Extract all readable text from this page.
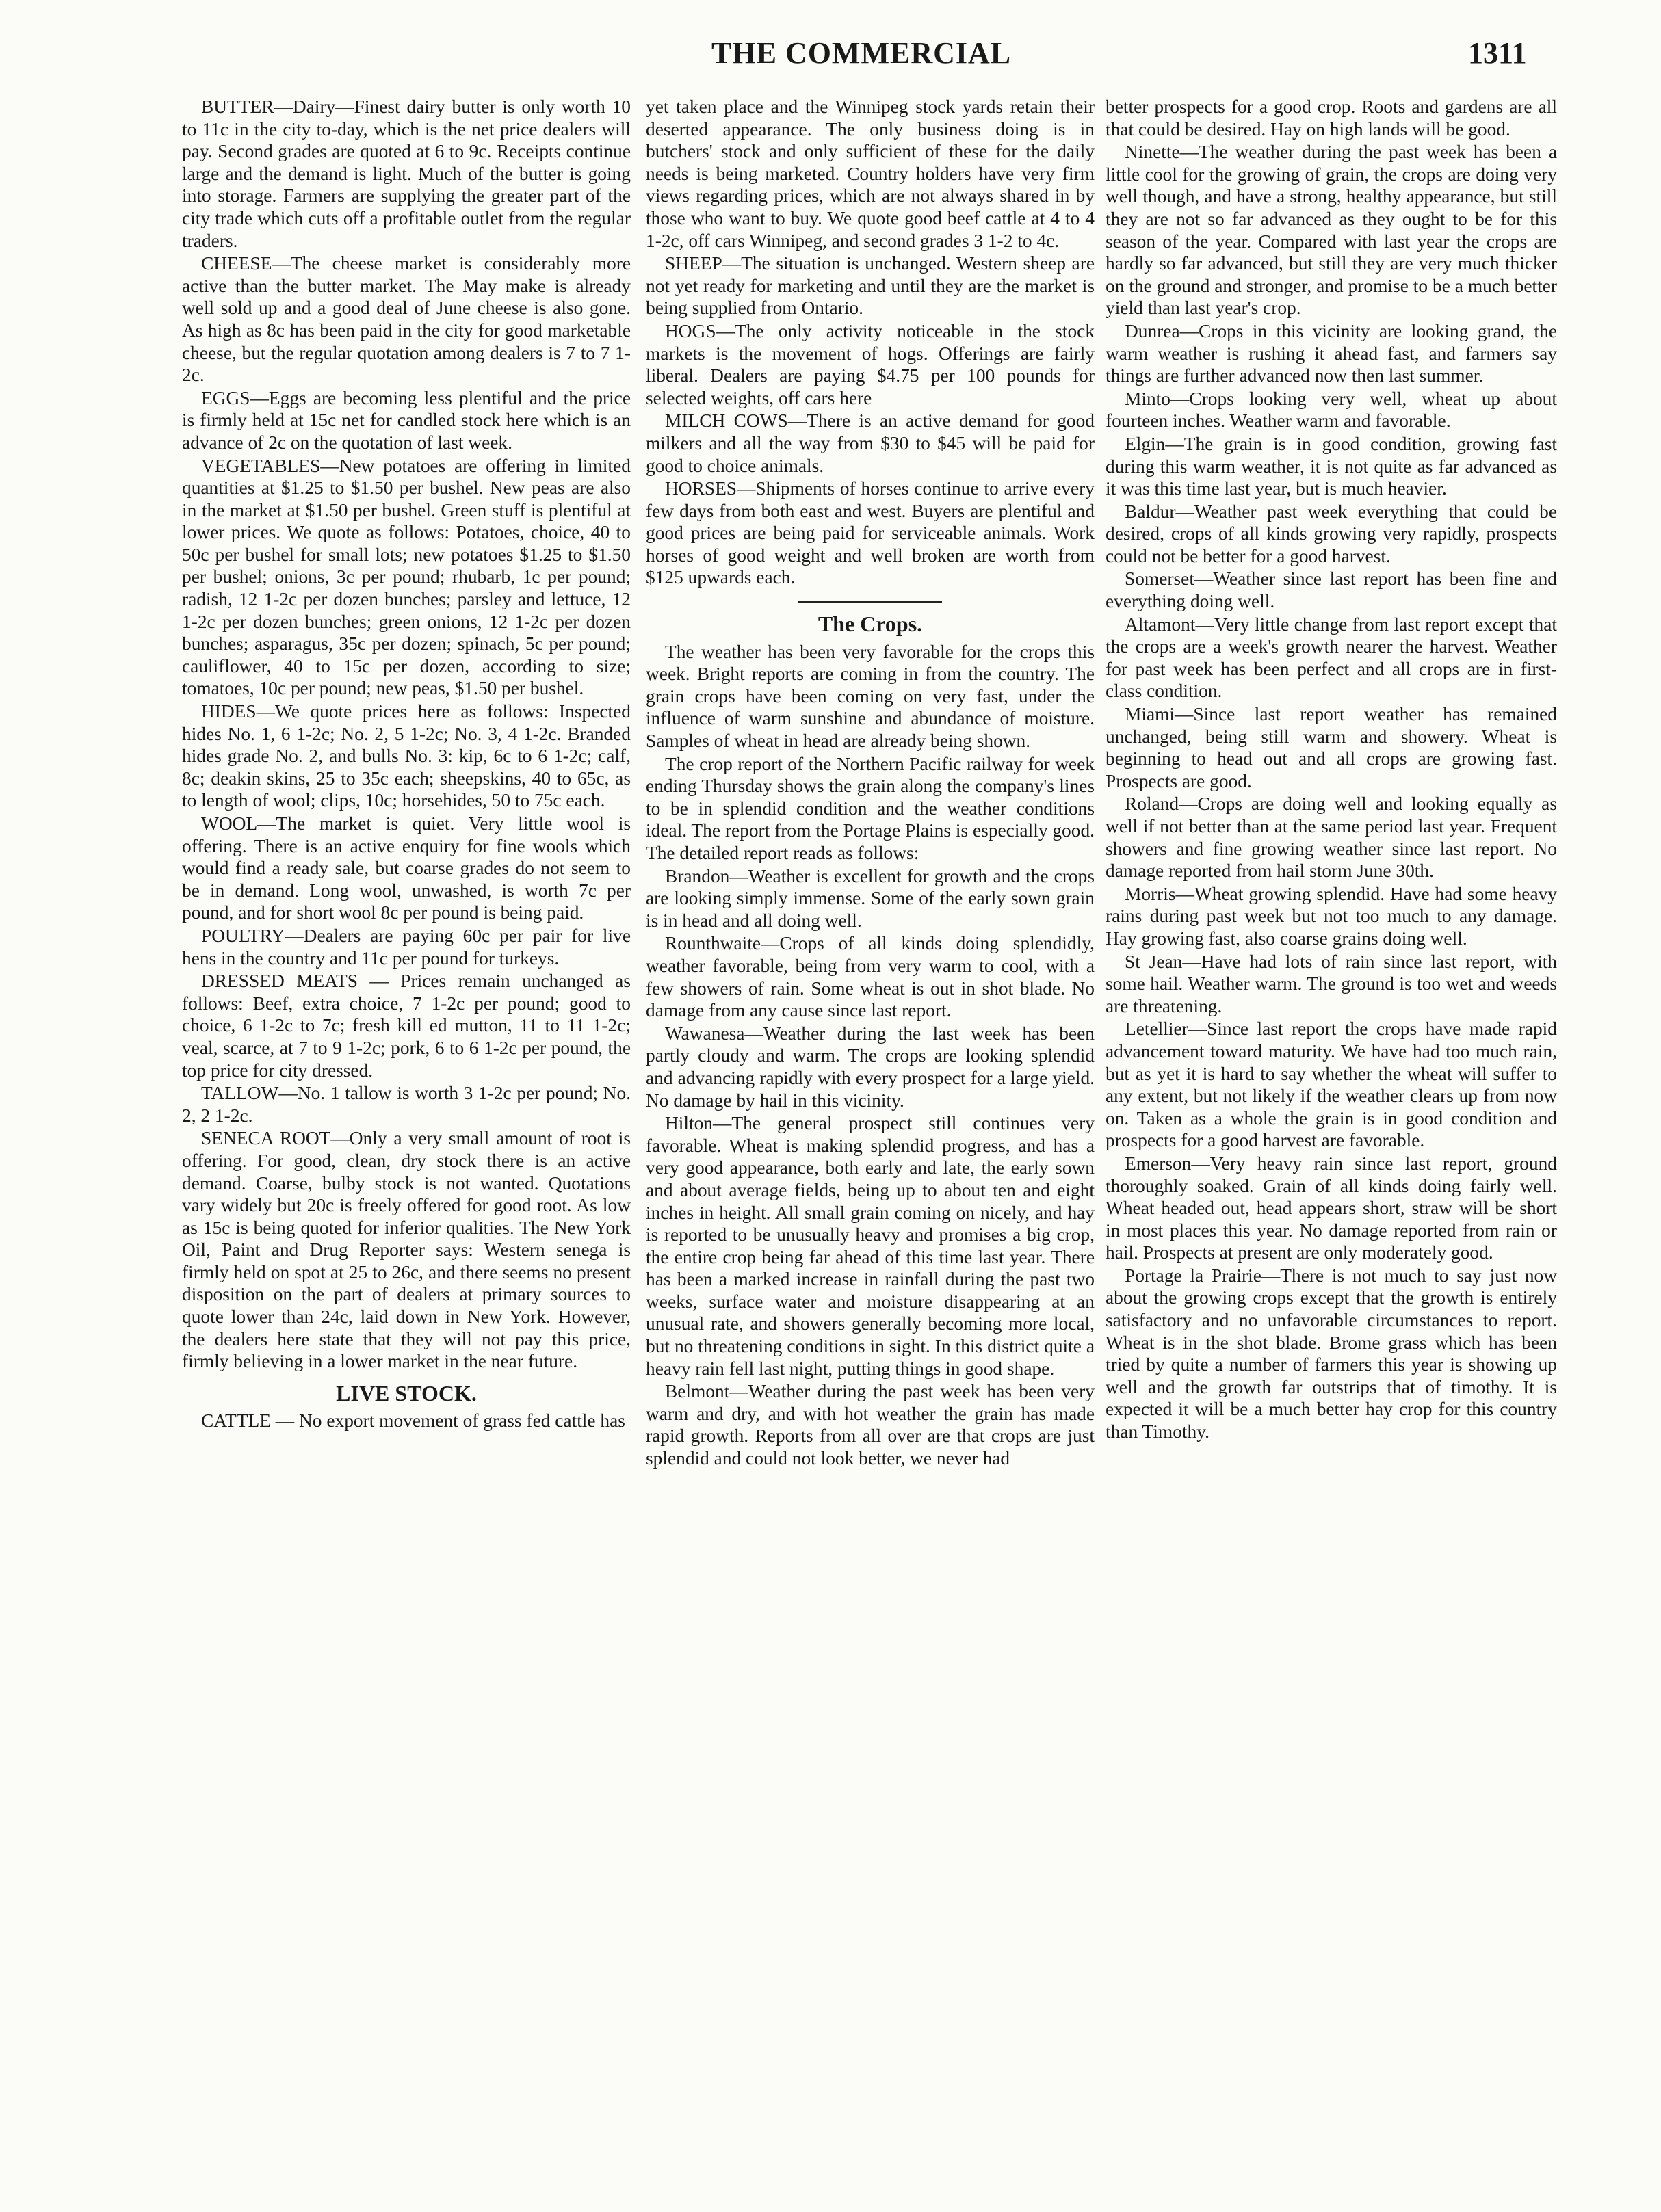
THE COMMERCIAL	1311

BUTTER—Dairy—Finest dairy butter is only worth 10 to 11c in the city to-day, which is the net price dealers will pay. Second grades are quoted at 6 to 9c. Receipts continue large and the demand is light. Much of the butter is going into storage. Farmers are supplying the greater part of the city trade which cuts off a profitable outlet from the regular traders.

CHEESE—The cheese market is considerably more active than the butter market. The May make is already well sold up and a good deal of June cheese is also gone. As high as 8c has been paid in the city for good marketable cheese, but the regular quotation among dealers is 7 to 7 1-2c.

EGGS—Eggs are becoming less plentiful and the price is firmly held at 15c net for candled stock here which is an advance of 2c on the quotation of last week.

VEGETABLES—New potatoes are offering in limited quantities at $1.25 to $1.50 per bushel. New peas are also in the market at $1.50 per bushel. Green stuff is plentiful at lower prices. We quote as follows: Potatoes, choice, 40 to 50c per bushel for small lots; new potatoes $1.25 to $1.50 per bushel; onions, 3c per pound; rhubarb, 1c per pound; radish, 12 1-2c per dozen bunches; parsley and lettuce, 12 1-2c per dozen bunches; green onions, 12 1-2c per dozen bunches; asparagus, 35c per dozen; spinach, 5c per pound; cauliflower, 40 to 15c per dozen, according to size; tomatoes, 10c per pound; new peas, $1.50 per bushel.

HIDES—We quote prices here as follows: Inspected hides No. 1, 6 1-2c; No. 2, 5 1-2c; No. 3, 4 1-2c. Branded hides grade No. 2, and bulls No. 3: kip, 6c to 6 1-2c; calf, 8c; deakin skins, 25 to 35c each; sheepskins, 40 to 65c, as to length of wool; clips, 10c; horsehides, 50 to 75c each.

WOOL—The market is quiet. Very little wool is offering. There is an active enquiry for fine wools which would find a ready sale, but coarse grades do not seem to be in demand. Long wool, unwashed, is worth 7c per pound, and for short wool 8c per pound is being paid.

POULTRY—Dealers are paying 60c per pair for live hens in the country and 11c per pound for turkeys.

DRESSED MEATS — Prices remain unchanged as follows: Beef, extra choice, 7 1-2c per pound; good to choice, 6 1-2c to 7c; fresh kill ed mutton, 11 to 11 1-2c; veal, scarce, at 7 to 9 1-2c; pork, 6 to 6 1-2c per pound, the top price for city dressed.

TALLOW—No. 1 tallow is worth 3 1-2c per pound; No. 2, 2 1-2c.

SENECA ROOT—Only a very small amount of root is offering. For good, clean, dry stock there is an active demand. Coarse, bulby stock is not wanted. Quotations vary widely but 20c is freely offered for good root. As low as 15c is being quoted for inferior qualities. The New York Oil, Paint and Drug Reporter says: Western senega is firmly held on spot at 25 to 26c, and there seems no present disposition on the part of dealers at primary sources to quote lower than 24c, laid down in New York. However, the dealers here state that they will not pay this price, firmly believing in a lower market in the near future.

LIVE STOCK.

CATTLE — No export movement of grass fed cattle has

yet taken place and the Winnipeg stock yards retain their deserted appearance. The only business doing is in butchers' stock and only sufficient of these for the daily needs is being marketed. Country holders have very firm views regarding prices, which are not always shared in by those who want to buy. We quote good beef cattle at 4 to 4 1-2c, off cars Winnipeg, and second grades 3 1-2 to 4c.

SHEEP—The situation is unchanged. Western sheep are not yet ready for marketing and until they are the market is being supplied from Ontario.

HOGS—The only activity noticeable in the stock markets is the movement of hogs. Offerings are fairly liberal. Dealers are paying $4.75 per 100 pounds for selected weights, off cars here

MILCH COWS—There is an active demand for good milkers and all the way from $30 to $45 will be paid for good to choice animals.

HORSES—Shipments of horses continue to arrive every few days from both east and west. Buyers are plentiful and good prices are being paid for serviceable animals. Work horses of good weight and well broken are worth from $125 upwards each.

The Crops.

The weather has been very favorable for the crops this week. Bright reports are coming in from the country. The grain crops have been coming on very fast, under the influence of warm sunshine and abundance of moisture. Samples of wheat in head are already being shown.

The crop report of the Northern Pacific railway for week ending Thursday shows the grain along the company's lines to be in splendid condition and the weather conditions ideal. The report from the Portage Plains is especially good. The detailed report reads as follows:

Brandon—Weather is excellent for growth and the crops are looking simply immense. Some of the early sown grain is in head and all doing well.

Rounthwaite—Crops of all kinds doing splendidly, weather favorable, being from very warm to cool, with a few showers of rain. Some wheat is out in shot blade. No damage from any cause since last report.

Wawanesa—Weather during the last week has been partly cloudy and warm. The crops are looking splendid and advancing rapidly with every prospect for a large yield. No damage by hail in this vicinity.

Hilton—The general prospect still continues very favorable. Wheat is making splendid progress, and has a very good appearance, both early and late, the early sown and about average fields, being up to about ten and eight inches in height. All small grain coming on nicely, and hay is reported to be unusually heavy and promises a big crop, the entire crop being far ahead of this time last year. There has been a marked increase in rainfall during the past two weeks, surface water and moisture disappearing at an unusual rate, and showers generally becoming more local, but no threatening conditions in sight. In this district quite a heavy rain fell last night, putting things in good shape.

Belmont—Weather during the past week has been very warm and dry, and with hot weather the grain has made rapid growth. Reports from all over are that crops are just splendid and could not look better, we never had

better prospects for a good crop. Roots and gardens are all that could be desired. Hay on high lands will be good.

Ninette—The weather during the past week has been a little cool for the growing of grain, the crops are doing very well though, and have a strong, healthy appearance, but still they are not so far advanced as they ought to be for this season of the year. Compared with last year the crops are hardly so far advanced, but still they are very much thicker on the ground and stronger, and promise to be a much better yield than last year's crop.

Dunrea—Crops in this vicinity are looking grand, the warm weather is rushing it ahead fast, and farmers say things are further advanced now then last summer.

Minto—Crops looking very well, wheat up about fourteen inches. Weather warm and favorable.

Elgin—The grain is in good condition, growing fast during this warm weather, it is not quite as far advanced as it was this time last year, but is much heavier.

Baldur—Weather past week everything that could be desired, crops of all kinds growing very rapidly, prospects could not be better for a good harvest.

Somerset—Weather since last report has been fine and everything doing well.

Altamont—Very little change from last report except that the crops are a week's growth nearer the harvest. Weather for past week has been perfect and all crops are in first-class condition.

Miami—Since last report weather has remained unchanged, being still warm and showery. Wheat is beginning to head out and all crops are growing fast. Prospects are good.

Roland—Crops are doing well and looking equally as well if not better than at the same period last year. Frequent showers and fine growing weather since last report. No damage reported from hail storm June 30th.

Morris—Wheat growing splendid. Have had some heavy rains during past week but not too much to any damage. Hay growing fast, also coarse grains doing well.

St Jean—Have had lots of rain since last report, with some hail. Weather warm. The ground is too wet and weeds are threatening.

Letellier—Since last report the crops have made rapid advancement toward maturity. We have had too much rain, but as yet it is hard to say whether the wheat will suffer to any extent, but not likely if the weather clears up from now on. Taken as a whole the grain is in good condition and prospects for a good harvest are favorable.

Emerson—Very heavy rain since last report, ground thoroughly soaked. Grain of all kinds doing fairly well. Wheat headed out, head appears short, straw will be short in most places this year. No damage reported from rain or hail. Prospects at present are only moderately good.

Portage la Prairie—There is not much to say just now about the growing crops except that the growth is entirely satisfactory and no unfavorable circumstances to report. Wheat is in the shot blade. Brome grass which has been tried by quite a number of farmers this year is showing up well and the growth far outstrips that of timothy. It is expected it will be a much better hay crop for this country than Timothy.
